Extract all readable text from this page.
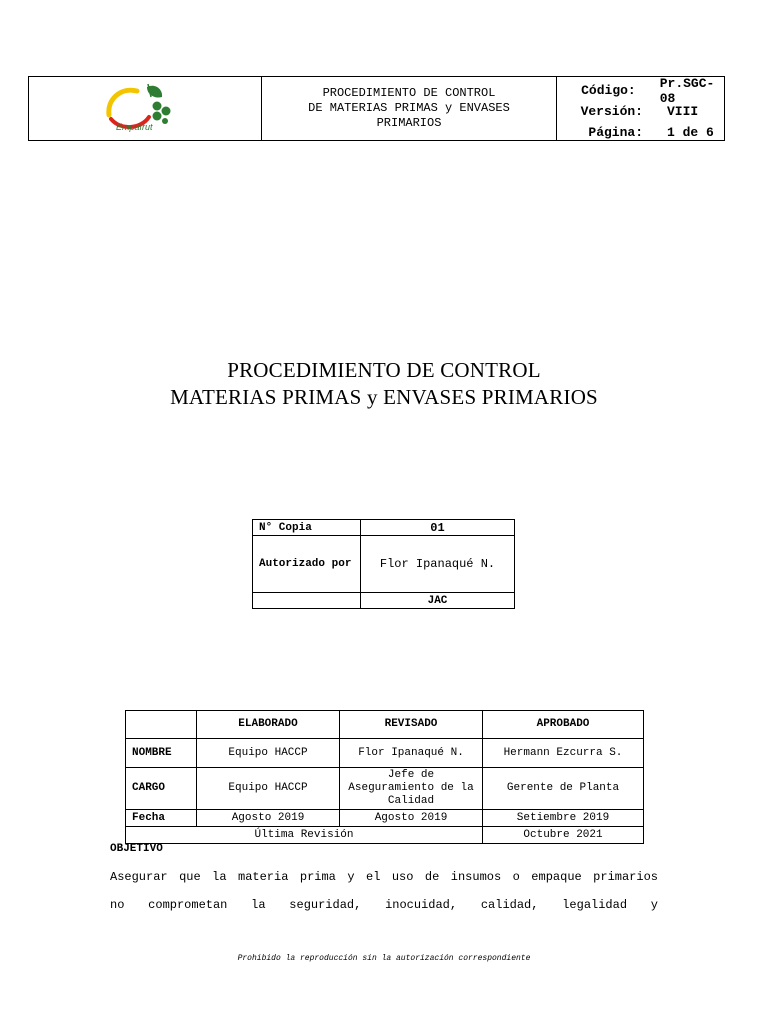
Empafrut
PROCEDIMIENTO DE CONTROL
DE MATERIAS PRIMAS y ENVASES
PRIMARIOS
Código:	Pr.SGC-08
Versión:	VIII
Página:	1 de 6
PROCEDIMIENTO DE CONTROL
MATERIAS PRIMAS y ENVASES PRIMARIOS
N° Copia	01
Autorizado por	Flor Ipanaqué N.
	JAC
	ELABORADO	REVISADO	APROBADO
NOMBRE	Equipo HACCP	Flor Ipanaqué N.	Hermann Ezcurra S.
CARGO	Equipo HACCP	Jefe de Aseguramiento de la Calidad	Gerente de Planta
Fecha	Agosto 2019	Agosto 2019	Setiembre 2019
Última Revisión			Octubre 2021
OBJETIVO
Asegurar que la materia prima y el uso de insumos o empaque primarios
no comprometan la seguridad, inocuidad, calidad, legalidad y
Prohibido la reproducción sin la autorización correspondiente
